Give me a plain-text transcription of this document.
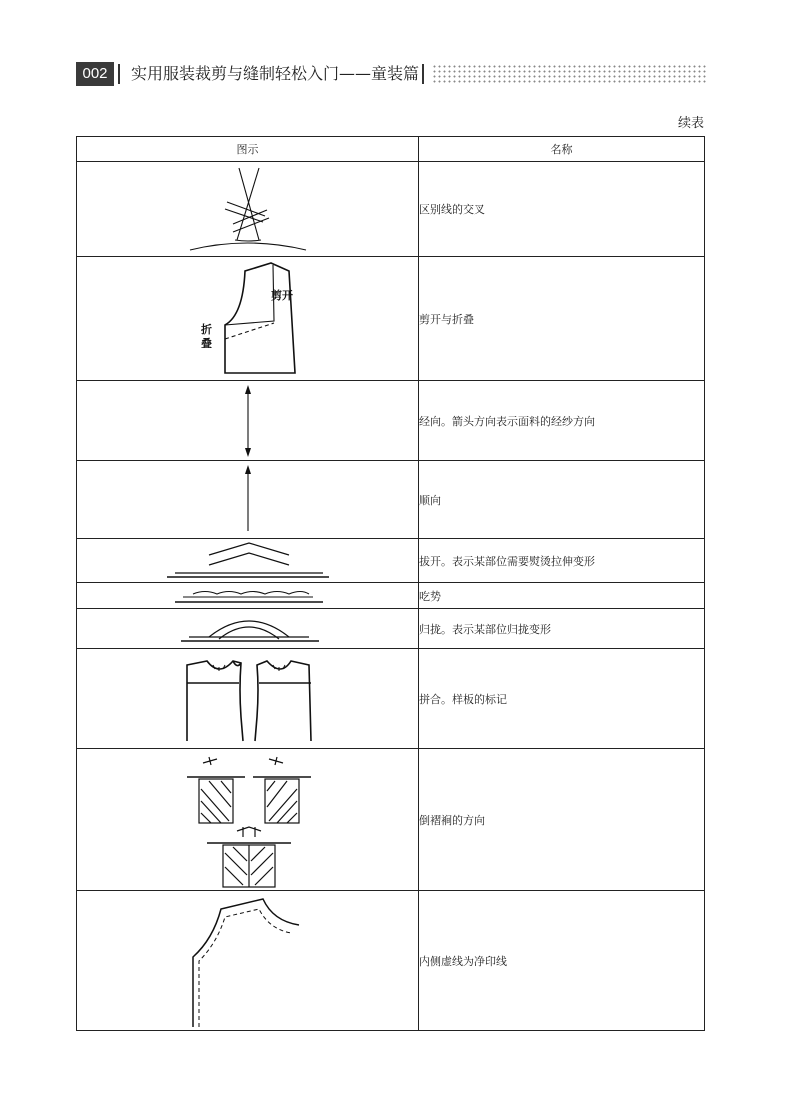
002	实用服装裁剪与缝制轻松入门——童装篇
续表
图示	名称

	区别线的交叉

剪开
折
叠	剪开与折叠

	经向。箭头方向表示面料的经纱方向

	顺向

	拔开。表示某部位需要熨烫拉伸变形

	吃势

	归拢。表示某部位归拢变形

	拼合。样板的标记

	倒褶裥的方向

	内侧虚线为净印线
